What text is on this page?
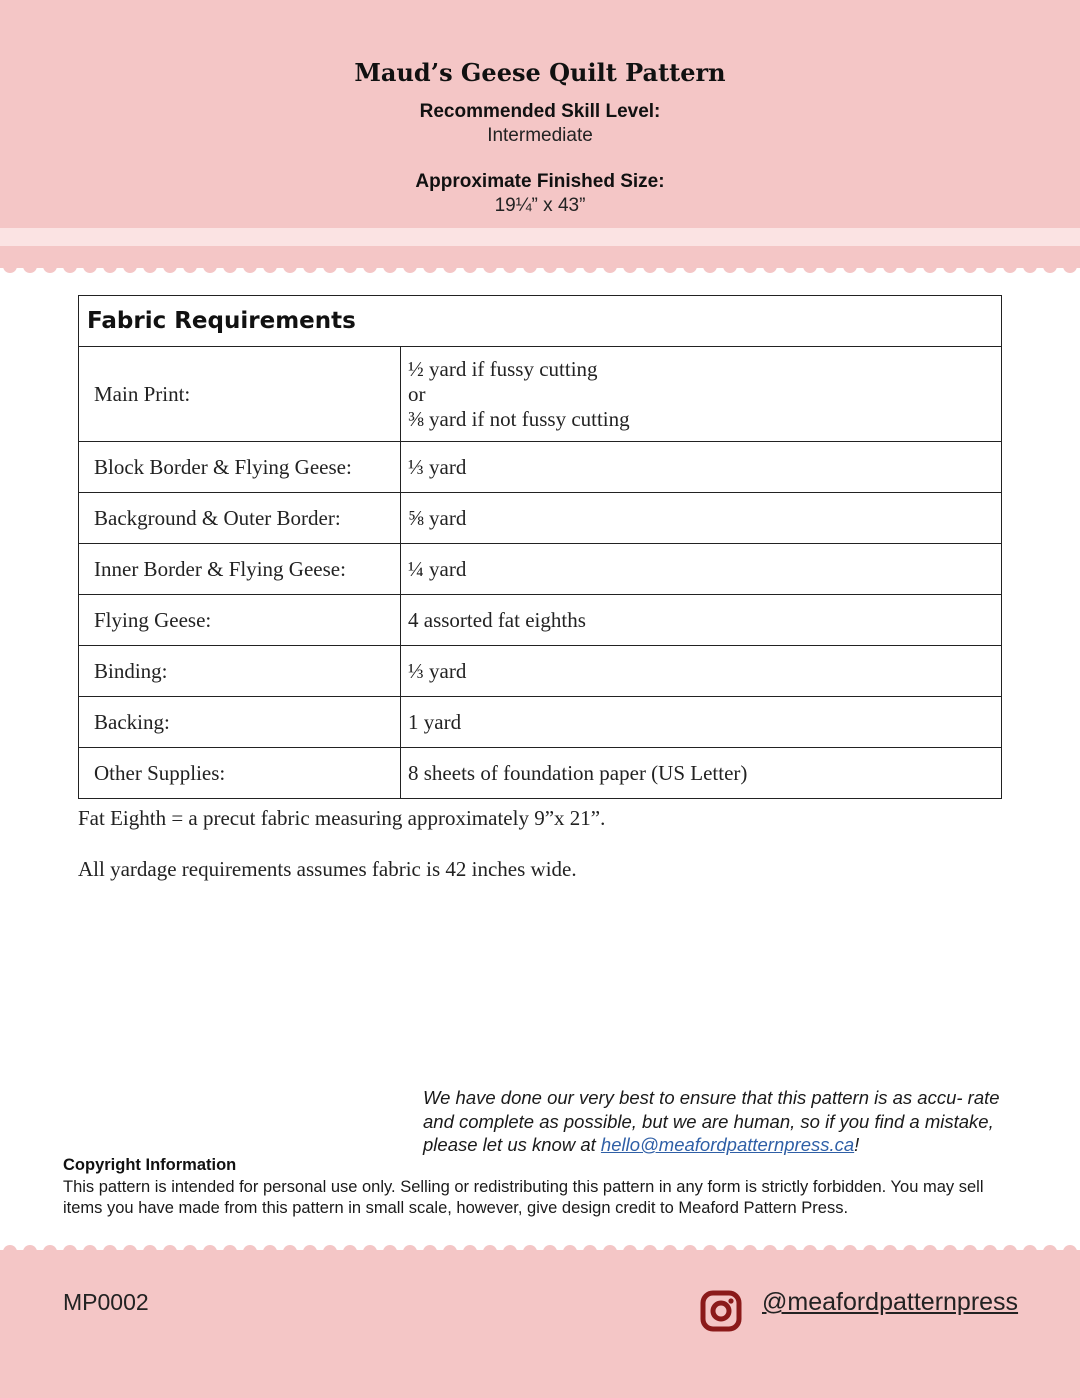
Maud’s Geese Quilt Pattern
Recommended Skill Level:
Intermediate
Approximate Finished Size:
19¼” x 43”
Fabric Requirements	
Main Print:	½ yard if fussy cutting
or
⅜ yard if not fussy cutting

Block Border & Flying Geese:	⅓ yard
Background & Outer Border:	⅝ yard
Inner Border & Flying Geese:	¼ yard
Flying Geese:	4 assorted fat eighths
Binding:	⅓ yard
Backing:	1 yard
Other Supplies:	8 sheets of foundation paper (US Letter)
Fat Eighth = a precut fabric measuring approximately 9”x 21”.
All yardage requirements assumes fabric is 42 inches wide.
We have done our very best to ensure that this pattern is as accu- rate and complete as possible, but we are human, so if you find a mistake, please let us know at hello@meafordpatternpress.ca!
Copyright Information
This pattern is intended for personal use only. Selling or redistributing this pattern in any form is strictly forbidden. You may sell items you have made from this pattern in small scale, however, give design credit to Meaford Pattern Press.
MP0002	@meafordpatternpress
